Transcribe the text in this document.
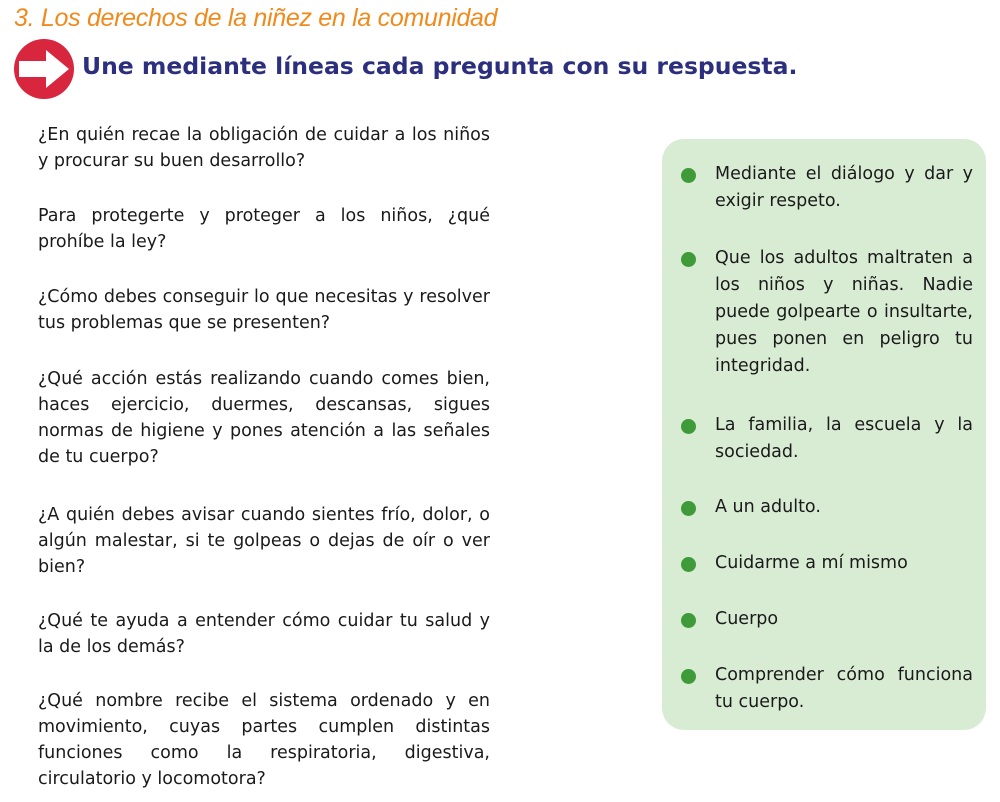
3. Los derechos de la niñez en la comunidad
Une mediante líneas cada pregunta con su respuesta.
¿En quién recae la obligación de cuidar a los niños y procurar su buen desarrollo?
Para protegerte y proteger a los niños, ¿qué prohíbe la ley?
¿Cómo debes conseguir lo que necesitas y resolver tus problemas que se presenten?
¿Qué acción estás realizando cuando comes bien, haces ejercicio, duermes, descansas, sigues normas de higiene y pones atención a las señales de tu cuerpo?
¿A quién debes avisar cuando sientes frío, dolor, o algún malestar, si te golpeas o dejas de oír o ver bien?
¿Qué te ayuda a entender cómo cuidar tu salud y la de los demás?
¿Qué nombre recibe el sistema ordenado y en movimiento, cuyas partes cumplen distintas funciones como la respiratoria, digestiva, circulatorio y locomotora?
Mediante el diálogo y dar y exigir respeto.
Que los adultos maltraten a los niños y niñas. Nadie puede golpearte o insultarte, pues ponen en peligro tu integridad.
La familia, la escuela y la sociedad.
A un adulto.
Cuidarme a mí mismo
Cuerpo
Comprender cómo funciona tu cuerpo.
